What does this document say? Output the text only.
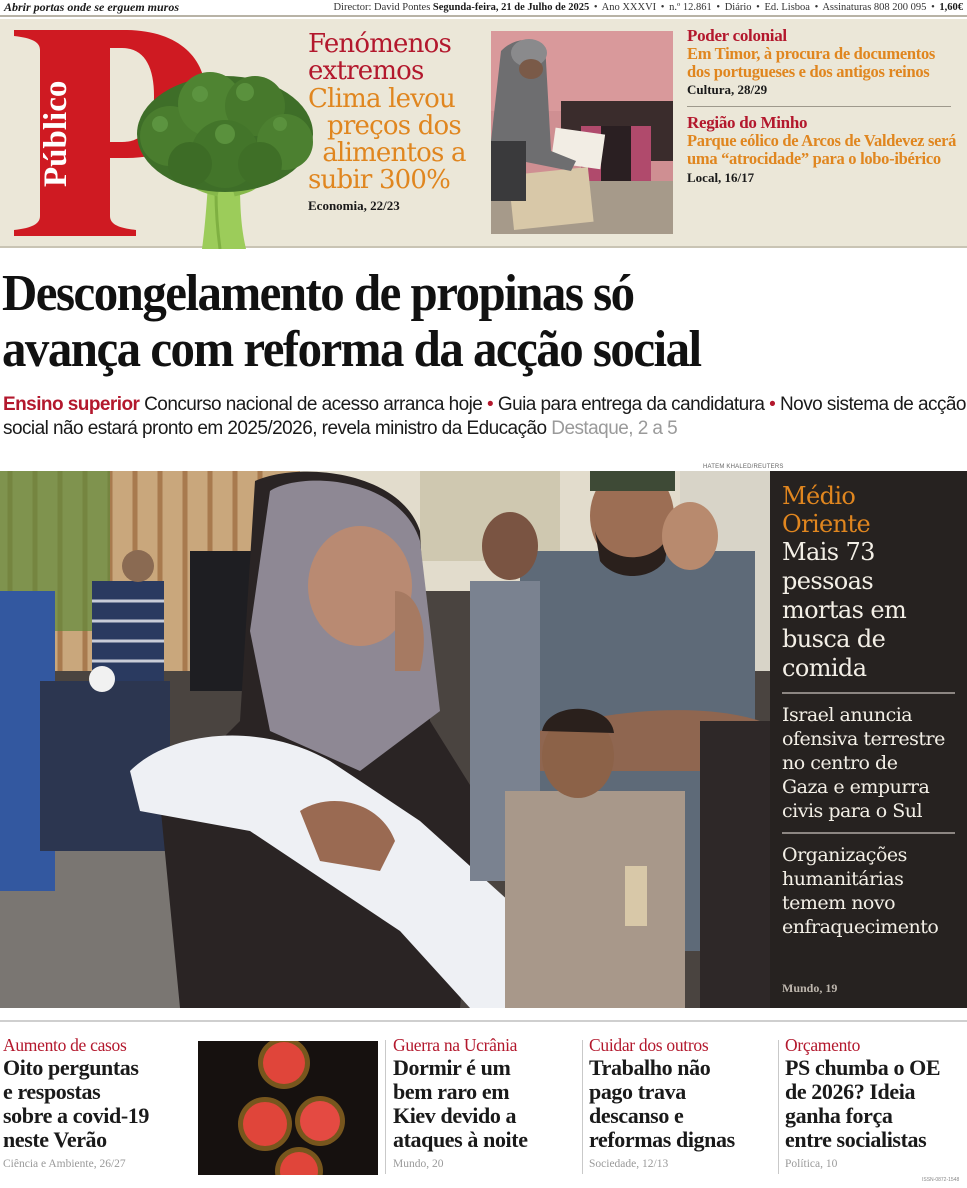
Abrir portas onde se erguem muros	Director: David Pontes Segunda-feira, 21 de Julho de 2025 • Ano XXXVI • n.º 12.861 • Diário • Ed. Lisboa • Assinaturas 808 200 095 • 1,60€
Público
Fenómenos
extremos
Clima levou
preços dos
alimentos a
subir 300%
Economia, 22/23
Poder colonial
Em Timor, à procura de documentos dos portugueses e dos antigos reinos
Cultura, 28/29
Região do Minho
Parque eólico de Arcos de Valdevez será uma “atrocidade” para o lobo-ibérico
Local, 16/17
Descongelamento de propinas só
avança com reforma da acção social
Ensino superior Concurso nacional de acesso arranca hoje • Guia para entrega da candidatura • Novo sistema de acção social não estará pronto em 2025/2026, revela ministro da Educação Destaque, 2 a 5
HATEM KHALED/REUTERS
Médio
Oriente
Mais 73
pessoas
mortas em
busca de
comida
Israel anuncia
ofensiva terrestre
no centro de
Gaza e empurra
civis para o Sul
Organizações
humanitárias
temem novo
enfraquecimento
Mundo, 19
Aumento de casos
Oito perguntas
e respostas
sobre a covid-19
neste Verão
Ciência e Ambiente, 26/27
Guerra na Ucrânia
Dormir é um
bem raro em
Kiev devido a
ataques à noite
Mundo, 20
Cuidar dos outros
Trabalho não
pago trava
descanso e
reformas dignas
Sociedade, 12/13
Orçamento
PS chumba o OE
de 2026? Ideia
ganha força
entre socialistas
Política, 10
ISSN-0872-1548
